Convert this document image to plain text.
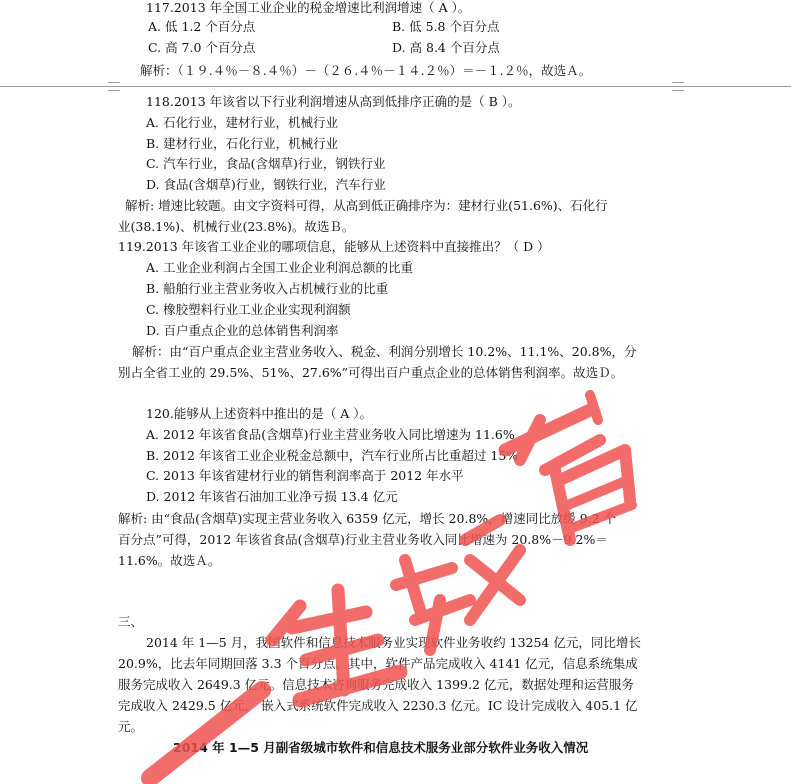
117.2013 年全国工业企业的税金增速比利润增速（ A ）。
A. 低 1.2 个百分点	B. 低 5.8 个百分点
C. 高 7.0 个百分点	D. 高 8.4 个百分点
解析：（１９.４％－８.４％）－（２６.４％－１４.２％）＝－１.２％，故选Ａ。
118.2013 年该省以下行业利润增速从高到低排序正确的是（ B ）。
A. 石化行业，建材行业，机械行业
B. 建材行业，石化行业，机械行业
C. 汽车行业，食品(含烟草)行业，钢铁行业
D. 食品(含烟草)行业，钢铁行业，汽车行业
解析: 增速比较题。由文字资料可得，从高到低正确排序为：建材行业(51.6%)、石化行
业(38.1%)、机械行业(23.8%)。故选Ｂ。
119.2013 年该省工业企业的哪项信息，能够从上述资料中直接推出？（ D ）
A. 工业企业利润占全国工业企业利润总额的比重
B. 船舶行业主营业务收入占机械行业的比重
C. 橡胶塑料行业工业企业实现利润额
D. 百户重点企业的总体销售利润率
解析：由“百户重点企业主营业务收入、税金、利润分别增长 10.2%、11.1%、20.8%，分
别占全省工业的 29.5%、51%、27.6%”可得出百户重点企业的总体销售利润率。故选Ｄ。
120.能够从上述资料中推出的是（ A ）。
A. 2012 年该省食品(含烟草)行业主营业务收入同比增速为 11.6%
B. 2012 年该省工业企业税金总额中，汽车行业所占比重超过 15%
C. 2013 年该省建材行业的销售利润率高于 2012 年水平
D. 2012 年该省石油加工业净亏损 13.4 亿元
解析: 由“食品(含烟草)实现主营业务收入 6359 亿元，增长 20.8%，增速同比放缓 9.2 个
百分点”可得，2012 年该省食品(含烟草)行业主营业务收入同比增速为 20.8%－9.2%＝
11.6%。故选Ａ。
三、
2014 年 1—5 月，我国软件和信息技术服务业实现软件业务收约 13254 亿元，同比增长
20.9%，比去年同期回落 3.3 个百分点。其中，软件产品完成收入 4141 亿元，信息系统集成
服务完成收入 2649.3 亿元。信息技术咨询服务完成收入 1399.2 亿元，数据处理和运营服务
完成收入 2429.5 亿元， 嵌入式系统软件完成收入 2230.3 亿元。IC 设计完成收入 405.1 亿
元。
2014 年 1—5 月副省级城市软件和信息技术服务业部分软件业务收入情况
